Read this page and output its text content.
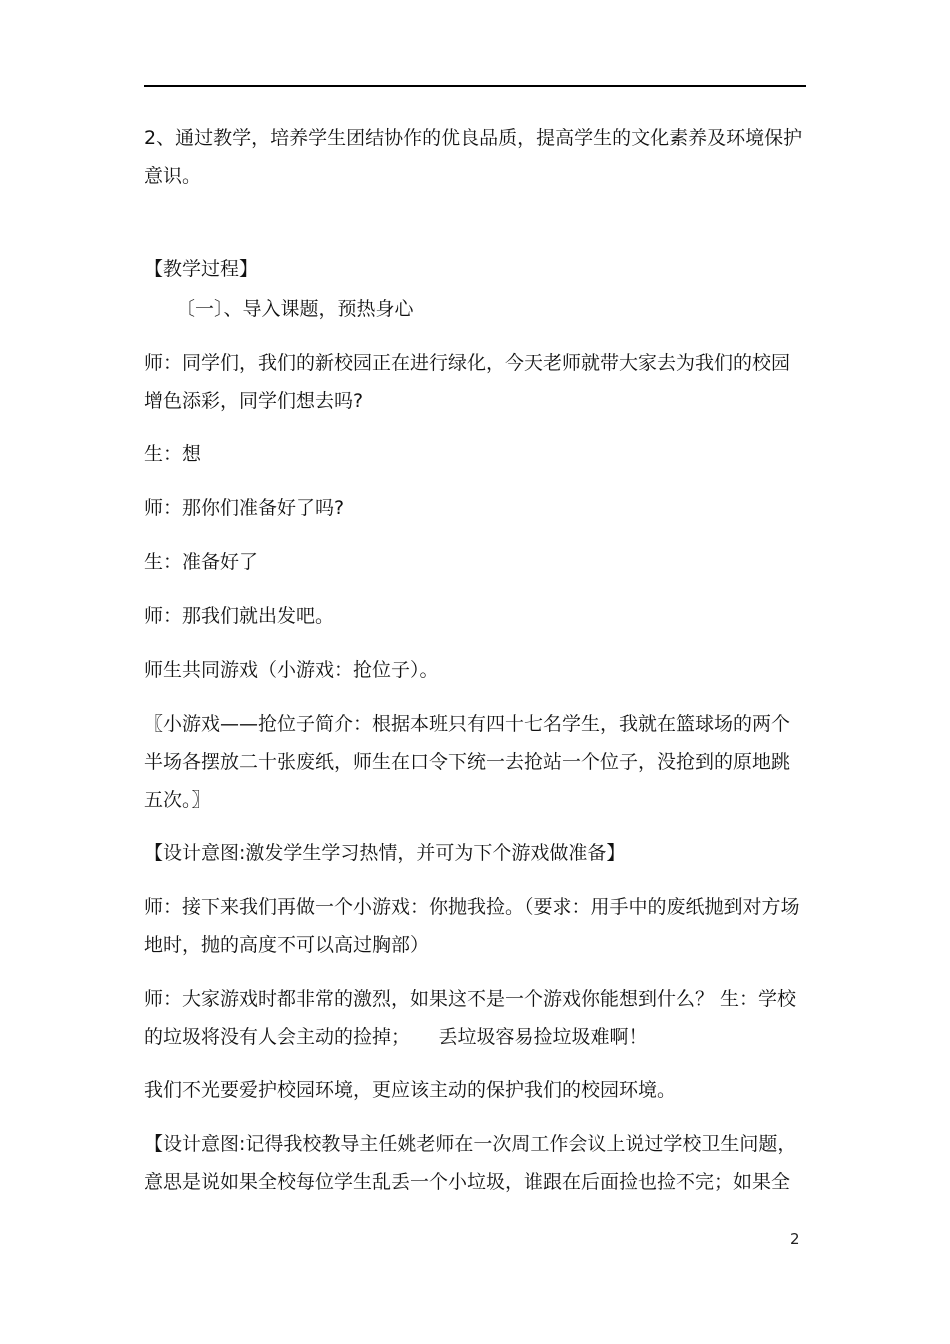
2、通过教学，培养学生团结协作的优良品质，提高学生的文化素养及环境保护意识。

【教学过程】

〔一〕、导入课题，预热身心

师：同学们，我们的新校园正在进行绿化，今天老师就带大家去为我们的校园增色添彩，同学们想去吗?

生：想

师：那你们准备好了吗?

生：准备好了

师：那我们就出发吧。

师生共同游戏（小游戏：抢位子）。

〖小游戏——抢位子简介：根据本班只有四十七名学生，我就在篮球场的两个半场各摆放二十张废纸，师生在口令下统一去抢站一个位子，没抢到的原地跳五次。〗

【设计意图:激发学生学习热情，并可为下个游戏做准备】

师：接下来我们再做一个小游戏：你抛我捡。（要求：用手中的废纸抛到对方场地时，抛的高度不可以高过胸部）

师：大家游戏时都非常的激烈，如果这不是一个游戏你能想到什么？ 生：学校的垃圾将没有人会主动的捡掉；　　丢垃圾容易捡垃圾难啊！

我们不光要爱护校园环境，更应该主动的保护我们的校园环境。

【设计意图:记得我校教导主任姚老师在一次周工作会议上说过学校卫生问题，意思是说如果全校每位学生乱丢一个小垃圾，谁跟在后面捡也捡不完；如果全

2
